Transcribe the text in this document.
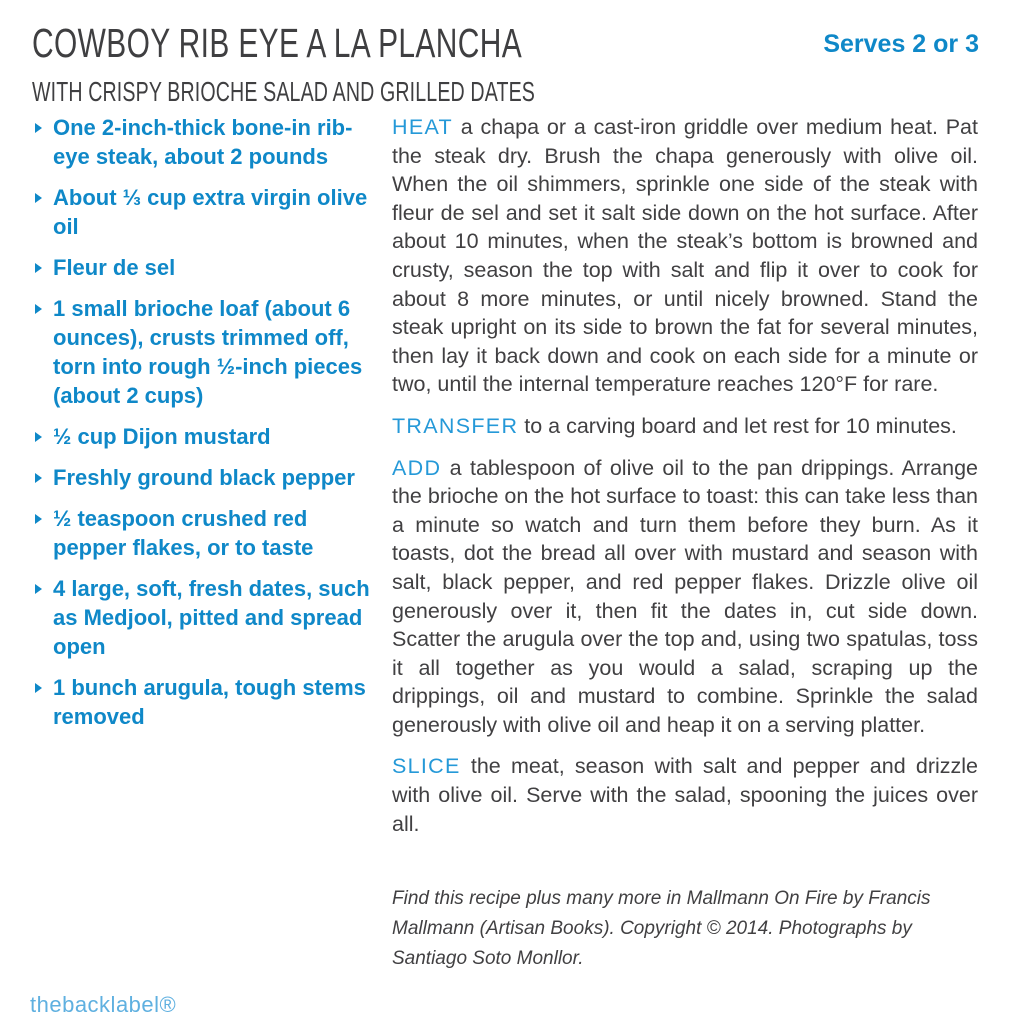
COWBOY RIB EYE A LA PLANCHA
WITH CRISPY BRIOCHE SALAD AND GRILLED DATES
Serves 2 or 3
One 2-inch-thick bone-in rib-eye steak, about 2 pounds
About ⅓ cup extra virgin olive oil
Fleur de sel
1 small brioche loaf (about 6 ounces), crusts trimmed off, torn into rough ½-inch pieces (about 2 cups)
½ cup Dijon mustard
Freshly ground black pepper
½ teaspoon crushed red pepper flakes, or to taste
4 large, soft, fresh dates, such as Medjool, pitted and spread open
1 bunch arugula, tough stems removed

HEAT a chapa or a cast-iron griddle over medium heat. Pat the steak dry. Brush the chapa generously with olive oil. When the oil shimmers, sprinkle one side of the steak with fleur de sel and set it salt side down on the hot surface. After about 10 minutes, when the steak’s bottom is browned and crusty, season the top with salt and flip it over to cook for about 8 more minutes, or until nicely browned. Stand the steak upright on its side to brown the fat for several minutes, then lay it back down and cook on each side for a minute or two, until the internal temperature reaches 120°F for rare.

TRANSFER to a carving board and let rest for 10 minutes.

ADD a tablespoon of olive oil to the pan drippings. Arrange the brioche on the hot surface to toast: this can take less than a minute so watch and turn them before they burn. As it toasts, dot the bread all over with mustard and season with salt, black pepper, and red pepper flakes. Drizzle olive oil generously over it, then fit the dates in, cut side down. Scatter the arugula over the top and, using two spatulas, toss it all together as you would a salad, scraping up the drippings, oil and mustard to combine. Sprinkle the salad generously with olive oil and heap it on a serving platter.

SLICE the meat, season with salt and pepper and drizzle with olive oil. Serve with the salad, spooning the juices over all.

Find this recipe plus many more in Mallmann On Fire by Francis Mallmann (Artisan Books). Copyright © 2014. Photographs by Santiago Soto Monllor.

thebacklabel®
